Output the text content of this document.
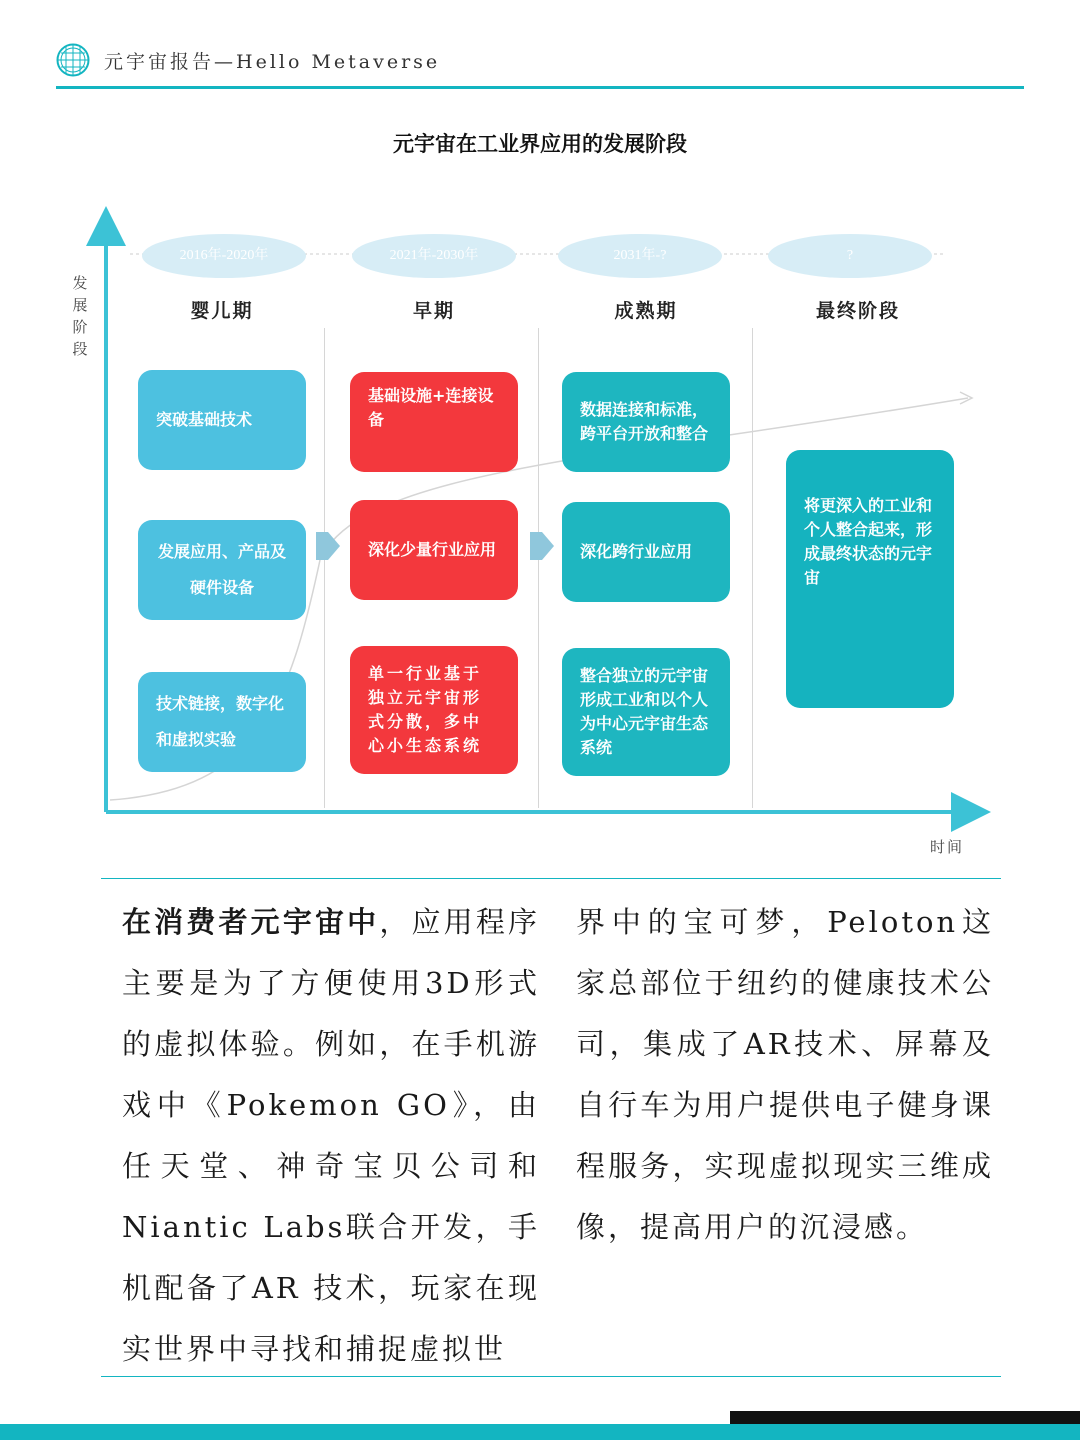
元宇宙报告—Hello Metaverse
元宇宙在工业界应用的发展阶段
发
展
阶
段
时间
2016年-2020年	2021年-2030年	2031年-?	?
婴儿期	早期	成熟期	最终阶段
突破基础技术
发展应用、产品及硬件设备
技术链接，数字化和虚拟实验
基础设施+连接设备
深化少量行业应用
单一行业基于独立元宇宙形式分散，多中心小生态系统
数据连接和标准，跨平台开放和整合
深化跨行业应用
整合独立的元宇宙形成工业和以个人为中心元宇宙生态系统
将更深入的工业和个人整合起来，形成最终状态的元宇宙
在消费者元宇宙中，应用程序主要是为了方便使用3D形式的虚拟体验。例如，在手机游戏中《Pokemon GO》，由任天堂、神奇宝贝公司和Niantic Labs联合开发，手机配备了AR 技术，玩家在现实世界中寻找和捕捉虚拟世
界中的宝可梦，Peloton这家总部位于纽约的健康技术公司，集成了AR技术、屏幕及自行车为用户提供电子健身课程服务，实现虚拟现实三维成像，提高用户的沉浸感。
